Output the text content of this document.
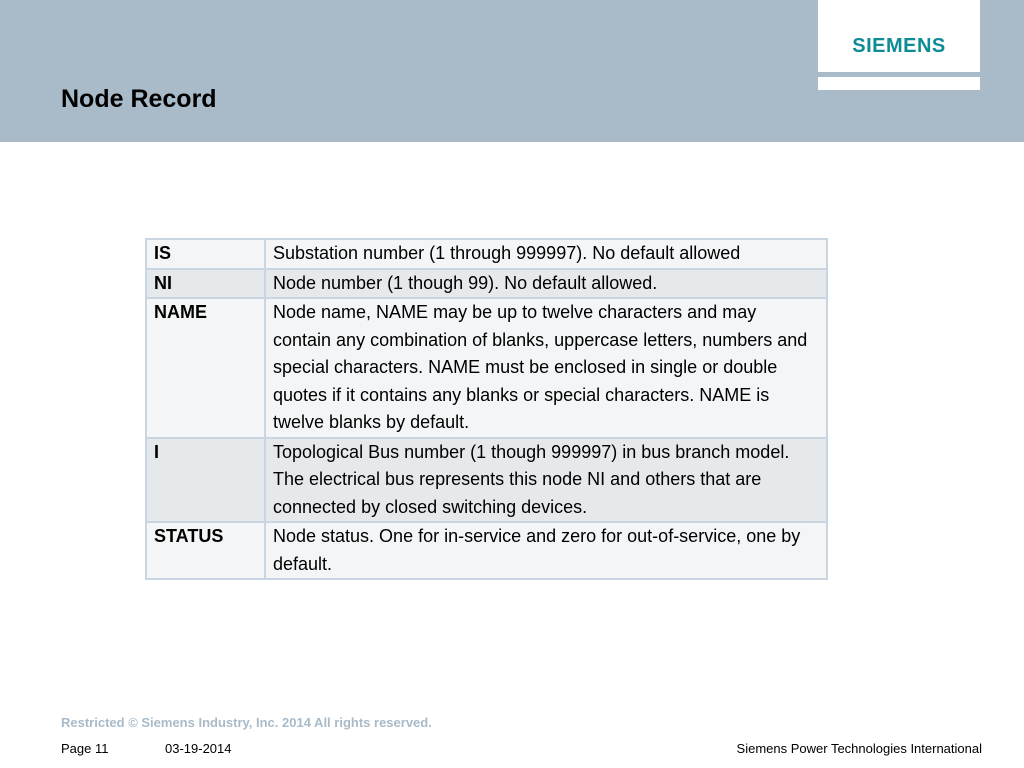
SIEMENS
Node Record
IS	Substation number (1 through 999997). No default allowed
NI	Node number (1 though 99). No default allowed.
NAME	Node name, NAME may be up to twelve characters and may contain any combination of blanks, uppercase letters, numbers and special characters. NAME must be enclosed in single or double quotes if it contains any blanks or special characters. NAME is twelve blanks by default.
I	Topological Bus number (1 though 999997) in bus branch model. The electrical bus represents this node NI and others that are connected by closed switching devices.
STATUS	Node status. One for in-service and zero for out-of-service, one by default.
Restricted © Siemens Industry, Inc. 2014 All rights reserved.
Page 11	03-19-2014	Siemens Power Technologies International
